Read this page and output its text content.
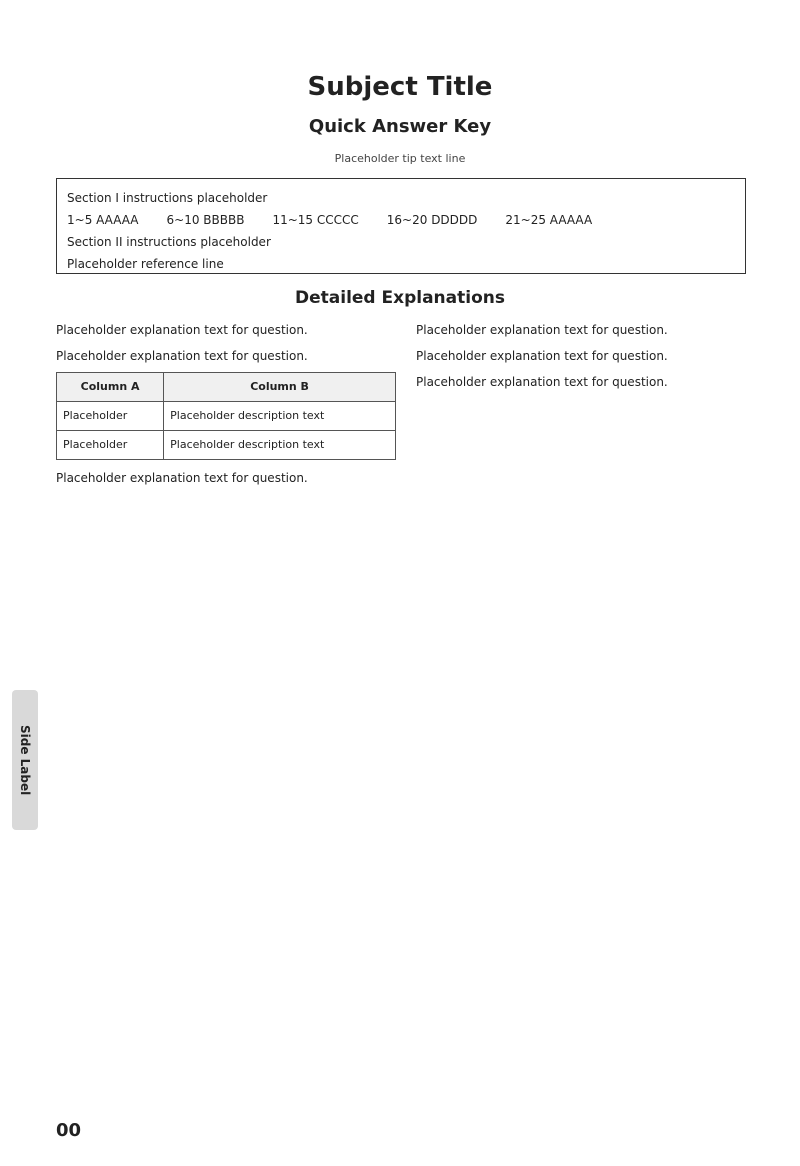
Subject Title
Quick Answer Key
Placeholder tip text line
Section I instructions placeholder
1~5 AAAAA 6~10 BBBBB 11~15 CCCCC 16~20 DDDDD 21~25 AAAAA
Section II instructions placeholder
Placeholder reference line
Detailed Explanations

Placeholder explanation text for question.

Placeholder explanation text for question.

Column A	Column B
Placeholder	Placeholder description text
Placeholder	Placeholder description text

Placeholder explanation text for question.

Placeholder explanation text for question.

Placeholder explanation text for question.

Placeholder explanation text for question.

Side Label
00
